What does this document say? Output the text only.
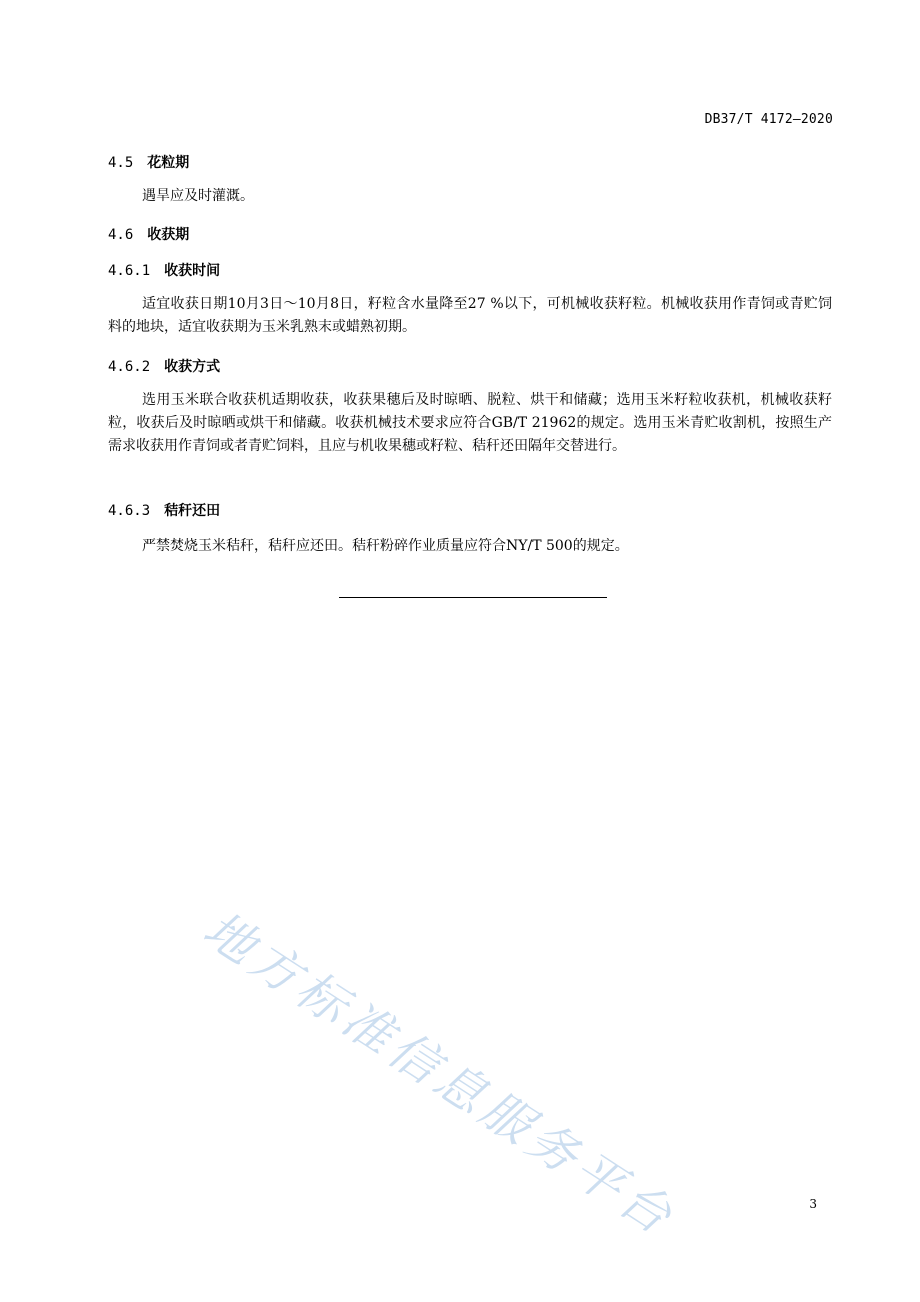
DB37/T 4172—2020
4.5 花粒期
遇旱应及时灌溉。
4.6 收获期
4.6.1 收获时间
适宜收获日期10月3日～10月8日，籽粒含水量降至27 %以下，可机械收获籽粒。机械收获用作青饲或青贮饲料的地块，适宜收获期为玉米乳熟末或蜡熟初期。
4.6.2 收获方式
选用玉米联合收获机适期收获，收获果穗后及时晾晒、脱粒、烘干和储藏；选用玉米籽粒收获机，机械收获籽粒，收获后及时晾晒或烘干和储藏。收获机械技术要求应符合GB/T 21962的规定。选用玉米青贮收割机，按照生产需求收获用作青饲或者青贮饲料，且应与机收果穗或籽粒、秸秆还田隔年交替进行。
4.6.3 秸秆还田
严禁焚烧玉米秸秆，秸秆应还田。秸秆粉碎作业质量应符合NY/T 500的规定。
地方标准信息服务平台	3
